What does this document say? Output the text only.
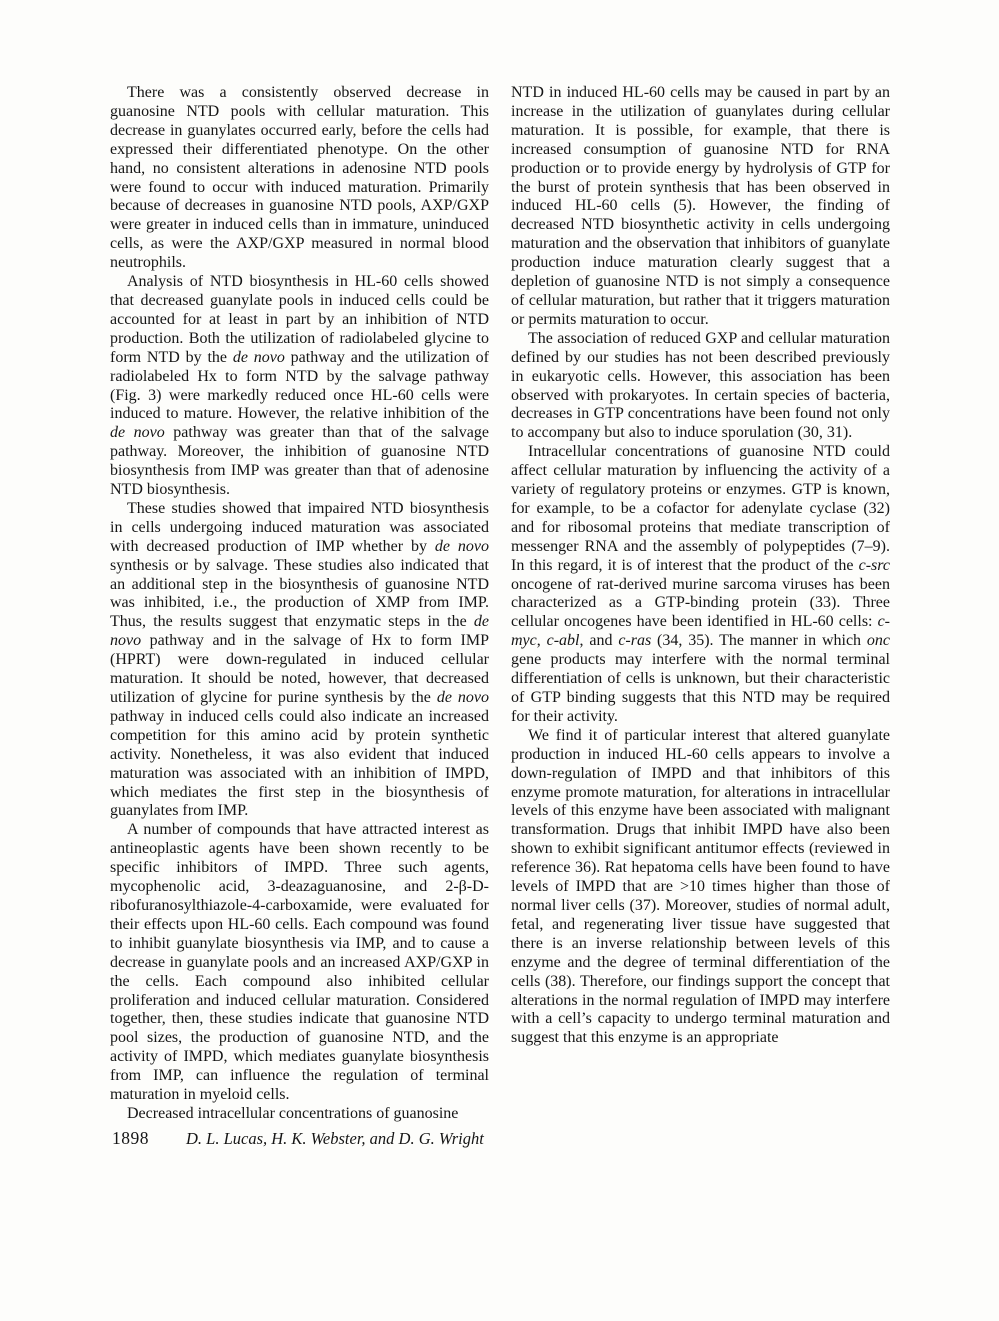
There was a consistently observed decrease in guanosine NTD pools with cellular maturation. This decrease in guanylates occurred early, before the cells had expressed their differentiated phenotype. On the other hand, no consistent alterations in adenosine NTD pools were found to occur with induced maturation. Primarily because of decreases in guanosine NTD pools, AXP/GXP were greater in induced cells than in immature, uninduced cells, as were the AXP/GXP measured in normal blood neutrophils.

Analysis of NTD biosynthesis in HL-60 cells showed that decreased guanylate pools in induced cells could be accounted for at least in part by an inhibition of NTD production. Both the utilization of radiolabeled glycine to form NTD by the de novo pathway and the utilization of radiolabeled Hx to form NTD by the salvage pathway (Fig. 3) were markedly reduced once HL-60 cells were induced to mature. However, the relative inhibition of the de novo pathway was greater than that of the salvage pathway. Moreover, the inhibition of guanosine NTD biosynthesis from IMP was greater than that of adenosine NTD biosynthesis.

These studies showed that impaired NTD biosynthesis in cells undergoing induced maturation was associated with decreased production of IMP whether by de novo synthesis or by salvage. These studies also indicated that an additional step in the biosynthesis of guanosine NTD was inhibited, i.e., the production of XMP from IMP. Thus, the results suggest that enzymatic steps in the de novo pathway and in the salvage of Hx to form IMP (HPRT) were down-regulated in induced cellular maturation. It should be noted, however, that decreased utilization of glycine for purine synthesis by the de novo pathway in induced cells could also indicate an increased competition for this amino acid by protein synthetic activity. Nonetheless, it was also evident that induced maturation was associated with an inhibition of IMPD, which mediates the first step in the biosynthesis of guanylates from IMP.

A number of compounds that have attracted interest as antineoplastic agents have been shown recently to be specific inhibitors of IMPD. Three such agents, mycophenolic acid, 3-deazaguanosine, and 2-β-D-ribofuranosylthiazole-4-carboxamide, were evaluated for their effects upon HL-60 cells. Each compound was found to inhibit guanylate biosynthesis via IMP, and to cause a decrease in guanylate pools and an increased AXP/GXP in the cells. Each compound also inhibited cellular proliferation and induced cellular maturation. Considered together, then, these studies indicate that guanosine NTD pool sizes, the production of guanosine NTD, and the activity of IMPD, which mediates guanylate biosynthesis from IMP, can influence the regulation of terminal maturation in myeloid cells.

Decreased intracellular concentrations of guanosine

NTD in induced HL-60 cells may be caused in part by an increase in the utilization of guanylates during cellular maturation. It is possible, for example, that there is increased consumption of guanosine NTD for RNA production or to provide energy by hydrolysis of GTP for the burst of protein synthesis that has been observed in induced HL-60 cells (5). However, the finding of decreased NTD biosynthetic activity in cells undergoing maturation and the observation that inhibitors of guanylate production induce maturation clearly suggest that a depletion of guanosine NTD is not simply a consequence of cellular maturation, but rather that it triggers maturation or permits maturation to occur.

The association of reduced GXP and cellular maturation defined by our studies has not been described previously in eukaryotic cells. However, this association has been observed with prokaryotes. In certain species of bacteria, decreases in GTP concentrations have been found not only to accompany but also to induce sporulation (30, 31).

Intracellular concentrations of guanosine NTD could affect cellular maturation by influencing the activity of a variety of regulatory proteins or enzymes. GTP is known, for example, to be a cofactor for adenylate cyclase (32) and for ribosomal proteins that mediate transcription of messenger RNA and the assembly of polypeptides (7–9). In this regard, it is of interest that the product of the c-src oncogene of rat-derived murine sarcoma viruses has been characterized as a GTP-binding protein (33). Three cellular oncogenes have been identified in HL-60 cells: c-myc, c-abl, and c-ras (34, 35). The manner in which onc gene products may interfere with the normal terminal differentiation of cells is unknown, but their characteristic of GTP binding suggests that this NTD may be required for their activity.

We find it of particular interest that altered guanylate production in induced HL-60 cells appears to involve a down-regulation of IMPD and that inhibitors of this enzyme promote maturation, for alterations in intracellular levels of this enzyme have been associated with malignant transformation. Drugs that inhibit IMPD have also been shown to exhibit significant antitumor effects (reviewed in reference 36). Rat hepatoma cells have been found to have levels of IMPD that are >10 times higher than those of normal liver cells (37). Moreover, studies of normal adult, fetal, and regenerating liver tissue have suggested that there is an inverse relationship between levels of this enzyme and the degree of terminal differentiation of the cells (38). Therefore, our findings support the concept that alterations in the normal regulation of IMPD may interfere with a cell’s capacity to undergo terminal maturation and suggest that this enzyme is an appropriate

1898 D. L. Lucas, H. K. Webster, and D. G. Wright
